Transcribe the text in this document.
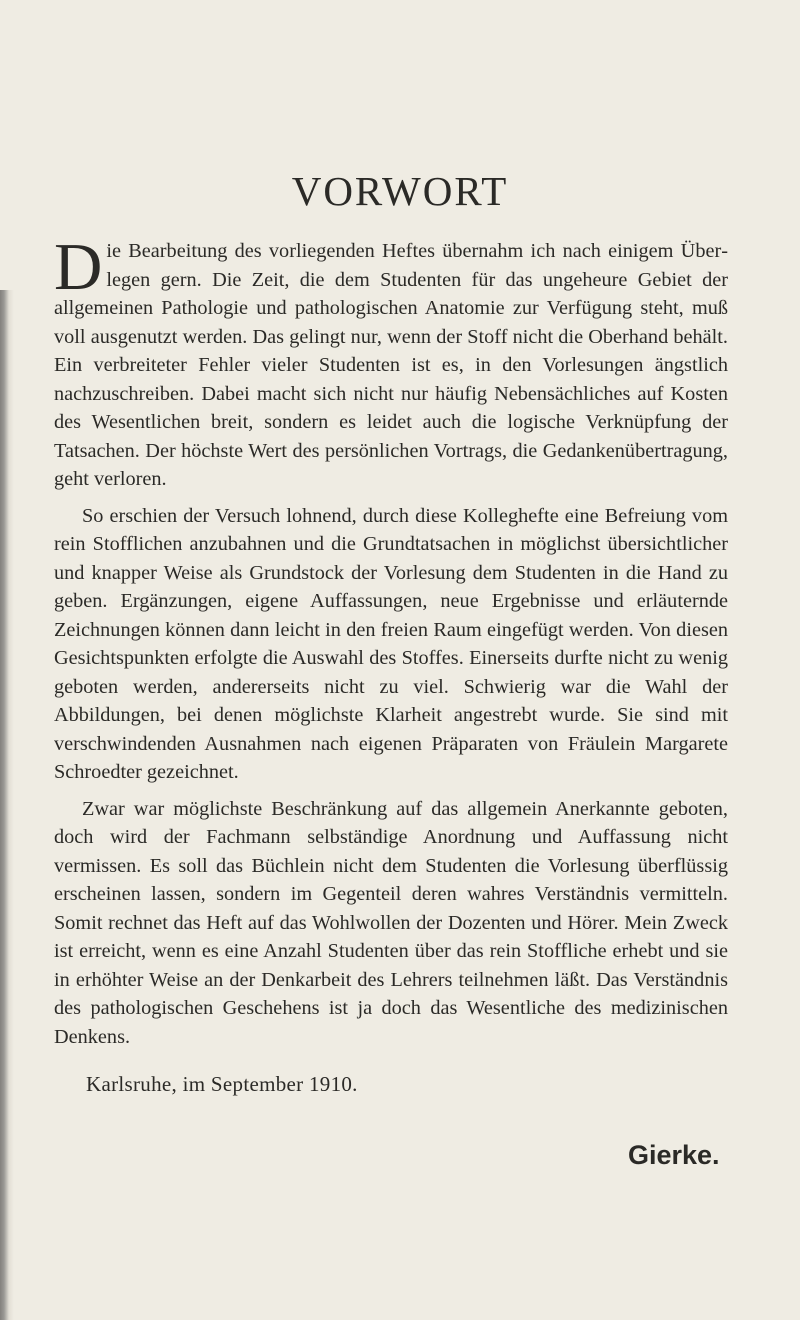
VORWORT

Die Bearbeitung des vorliegenden Heftes übernahm ich nach einigem Überlegen gern. Die Zeit, die dem Studenten für das ungeheure Gebiet der allgemeinen Pathologie und pathologischen Anatomie zur Verfügung steht, muß voll ausgenutzt werden. Das gelingt nur, wenn der Stoff nicht die Oberhand behält. Ein verbreiteter Fehler vieler Studenten ist es, in den Vorlesungen ängstlich nachzuschreiben. Dabei macht sich nicht nur häufig Nebensächliches auf Kosten des Wesentlichen breit, sondern es leidet auch die logische Verknüpfung der Tatsachen. Der höchste Wert des persönlichen Vortrags, die Gedankenübertragung, geht verloren.

So erschien der Versuch lohnend, durch diese Kolleghefte eine Befreiung vom rein Stofflichen anzubahnen und die Grundtatsachen in möglichst übersichtlicher und knapper Weise als Grundstock der Vorlesung dem Studenten in die Hand zu geben. Ergänzungen, eigene Auffassungen, neue Ergebnisse und erläuternde Zeichnungen können dann leicht in den freien Raum eingefügt werden. Von diesen Gesichtspunkten erfolgte die Auswahl des Stoffes. Einerseits durfte nicht zu wenig geboten werden, andererseits nicht zu viel. Schwierig war die Wahl der Abbildungen, bei denen möglichste Klarheit angestrebt wurde. Sie sind mit verschwindenden Ausnahmen nach eigenen Präparaten von Fräulein Margarete Schroedter gezeichnet.

Zwar war möglichste Beschränkung auf das allgemein Anerkannte geboten, doch wird der Fachmann selbständige Anordnung und Auffassung nicht vermissen. Es soll das Büchlein nicht dem Studenten die Vorlesung überflüssig erscheinen lassen, sondern im Gegenteil deren wahres Verständnis vermitteln. Somit rechnet das Heft auf das Wohlwollen der Dozenten und Hörer. Mein Zweck ist erreicht, wenn es eine Anzahl Studenten über das rein Stoffliche erhebt und sie in erhöhter Weise an der Denkarbeit des Lehrers teilnehmen läßt. Das Verständnis des pathologischen Geschehens ist ja doch das Wesentliche des medizinischen Denkens.

Karlsruhe, im September 1910.
Gierke.
